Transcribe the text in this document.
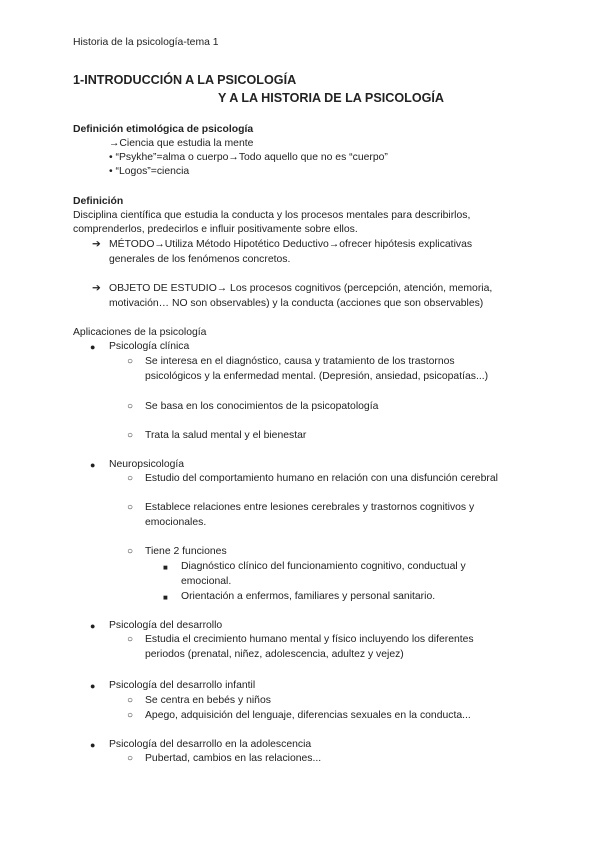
Historia de la psicología-tema 1
1-INTRODUCCIÓN A LA PSICOLOGÍA
Y A LA HISTORIA DE LA PSICOLOGÍA
Definición etimológica de psicología
→Ciencia que estudia la mente
• “Psykhe”=alma o cuerpo→Todo aquello que no es “cuerpo”
• “Logos”=ciencia
Definición
Disciplina científica que estudia la conducta y los procesos mentales para describirlos,
comprenderlos, predecirlos e influir positivamente sobre ellos.
➔ MÉTODO→Utiliza Método Hipotético Deductivo→ofrecer hipótesis explicativas
generales de los fenómenos concretos.
➔ OBJETO DE ESTUDIO→ Los procesos cognitivos (percepción, atención, memoria,
motivación… NO son observables) y la conducta (acciones que son observables)
Aplicaciones de la psicología
● Psicología clínica
○ Se interesa en el diagnóstico, causa y tratamiento de los trastornos
psicológicos y la enfermedad mental. (Depresión, ansiedad, psicopatías...)
○ Se basa en los conocimientos de la psicopatología
○ Trata la salud mental y el bienestar
● Neuropsicología
○ Estudio del comportamiento humano en relación con una disfunción cerebral
○ Establece relaciones entre lesiones cerebrales y trastornos cognitivos y
emocionales.
○ Tiene 2 funciones
■ Diagnóstico clínico del funcionamiento cognitivo, conductual y
emocional.
■ Orientación a enfermos, familiares y personal sanitario.
● Psicología del desarrollo
○ Estudia el crecimiento humano mental y físico incluyendo los diferentes
periodos (prenatal, niñez, adolescencia, adultez y vejez)
● Psicología del desarrollo infantil
○ Se centra en bebés y niños
○ Apego, adquisición del lenguaje, diferencias sexuales en la conducta...
● Psicología del desarrollo en la adolescencia
○ Pubertad, cambios en las relaciones...
